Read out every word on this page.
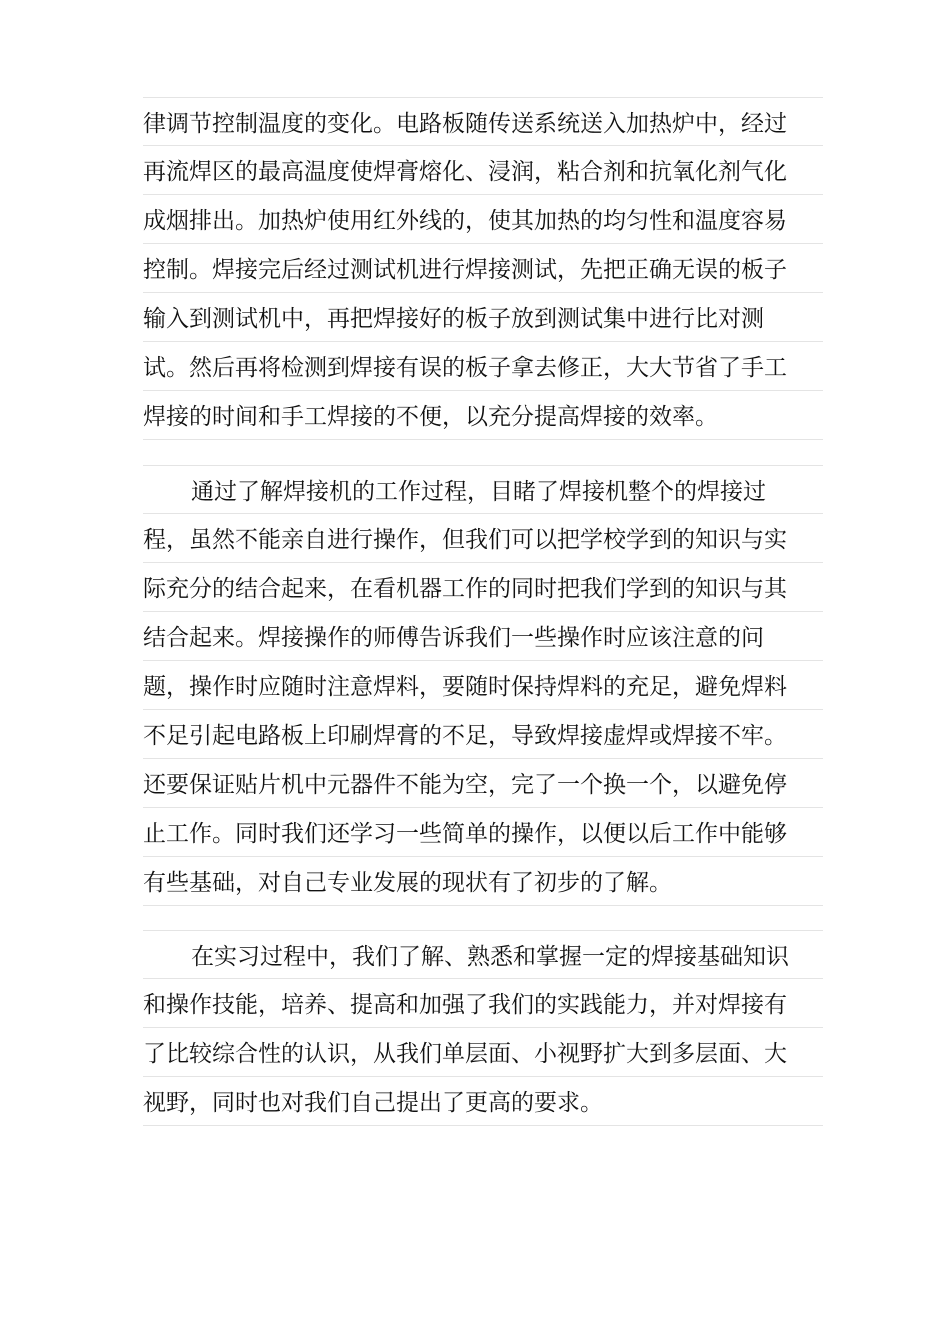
律调节控制温度的变化。电路板随传送系统送入加热炉中，经过
再流焊区的最高温度使焊膏熔化、浸润，粘合剂和抗氧化剂气化
成烟排出。加热炉使用红外线的，使其加热的均匀性和温度容易
控制。焊接完后经过测试机进行焊接测试，先把正确无误的板子
输入到测试机中，再把焊接好的板子放到测试集中进行比对测
试。然后再将检测到焊接有误的板子拿去修正，大大节省了手工
焊接的时间和手工焊接的不便，以充分提高焊接的效率。
通过了解焊接机的工作过程，目睹了焊接机整个的焊接过
程，虽然不能亲自进行操作，但我们可以把学校学到的知识与实
际充分的结合起来，在看机器工作的同时把我们学到的知识与其
结合起来。焊接操作的师傅告诉我们一些操作时应该注意的问
题，操作时应随时注意焊料，要随时保持焊料的充足，避免焊料
不足引起电路板上印刷焊膏的不足，导致焊接虚焊或焊接不牢。
还要保证贴片机中元器件不能为空，完了一个换一个，以避免停
止工作。同时我们还学习一些简单的操作，以便以后工作中能够
有些基础，对自己专业发展的现状有了初步的了解。
在实习过程中，我们了解、熟悉和掌握一定的焊接基础知识
和操作技能，培养、提高和加强了我们的实践能力，并对焊接有
了比较综合性的认识，从我们单层面、小视野扩大到多层面、大
视野，同时也对我们自己提出了更高的要求。
